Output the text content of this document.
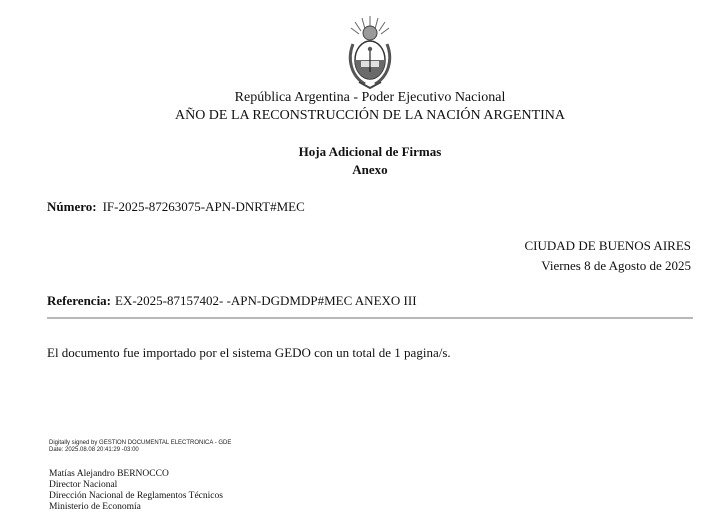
República Argentina - Poder Ejecutivo Nacional
AÑO DE LA RECONSTRUCCIÓN DE LA NACIÓN ARGENTINA
Hoja Adicional de Firmas
Anexo
Número: IF-2025-87263075-APN-DNRT#MEC
CIUDAD DE BUENOS AIRES
Viernes 8 de Agosto de 2025
Referencia: EX-2025-87157402- -APN-DGDMDP#MEC ANEXO III
El documento fue importado por el sistema GEDO con un total de 1 pagina/s.
Digitally signed by GESTION DOCUMENTAL ELECTRONICA - GDE
Date: 2025.08.08 20:41:29 -03:00
Matías Alejandro BERNOCCO
Director Nacional
Dirección Nacional de Reglamentos Técnicos
Ministerio de Economía
